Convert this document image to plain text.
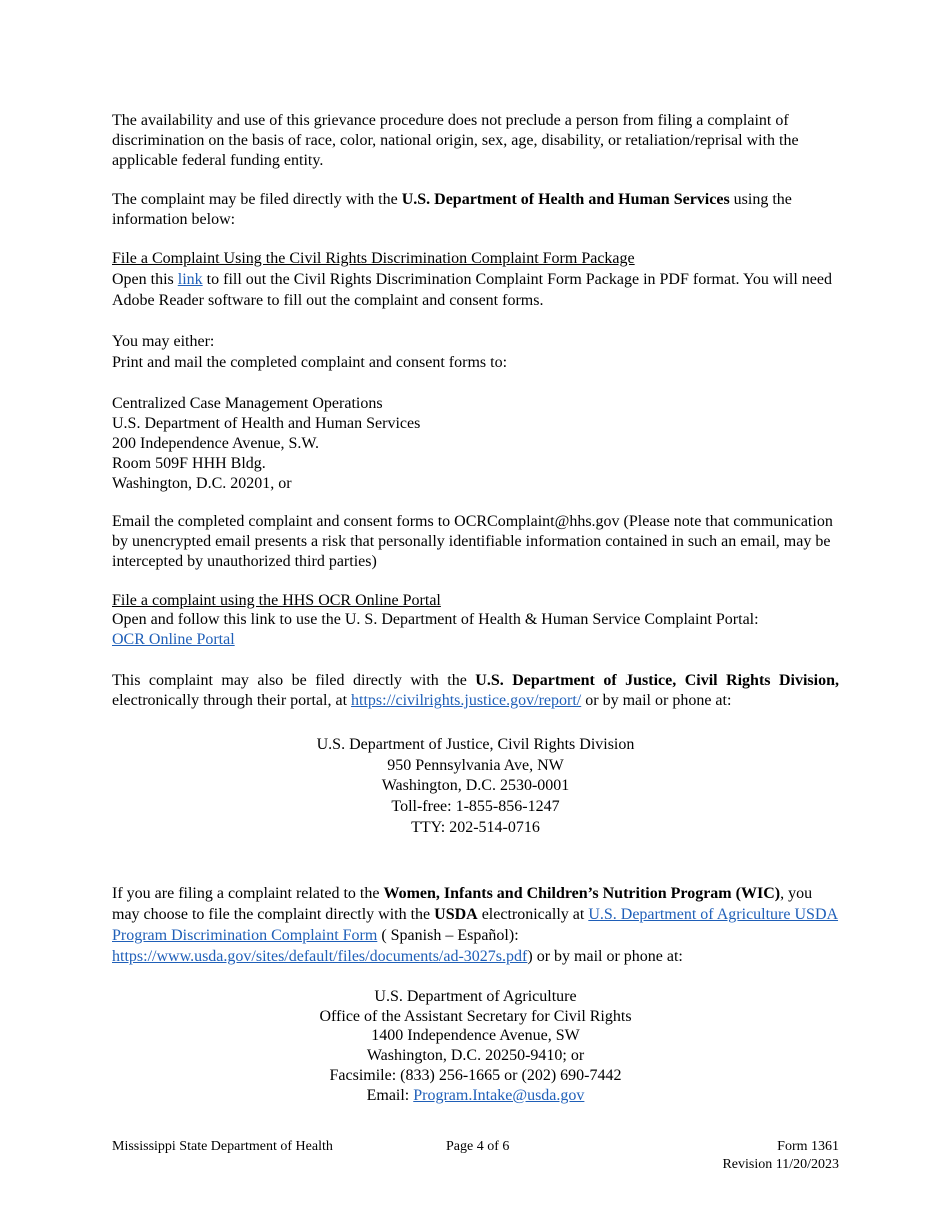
The availability and use of this grievance procedure does not preclude a person from filing a complaint of discrimination on the basis of race, color, national origin, sex, age, disability, or retaliation/reprisal with the applicable federal funding entity.

The complaint may be filed directly with the U.S. Department of Health and Human Services using the information below:

File a Complaint Using the Civil Rights Discrimination Complaint Form Package

Open this link to fill out the Civil Rights Discrimination Complaint Form Package in PDF format. You will need Adobe Reader software to fill out the complaint and consent forms.

You may either:

Print and mail the completed complaint and consent forms to:

Centralized Case Management Operations
U.S. Department of Health and Human Services
200 Independence Avenue, S.W.
Room 509F HHH Bldg.
Washington, D.C. 20201, or

Email the completed complaint and consent forms to OCRComplaint@hhs.gov (Please note that communication by unencrypted email presents a risk that personally identifiable information contained in such an email, may be intercepted by unauthorized third parties)

File a complaint using the HHS OCR Online Portal

Open and follow this link to use the U. S. Department of Health & Human Service Complaint Portal:

OCR Online Portal

This complaint may also be filed directly with the U.S. Department of Justice, Civil Rights Division, electronically through their portal, at https://civilrights.justice.gov/report/ or by mail or phone at:

U.S. Department of Justice, Civil Rights Division
950 Pennsylvania Ave, NW
Washington, D.C. 2530-0001
Toll-free: 1-855-856-1247
TTY: 202-514-0716

If you are filing a complaint related to the Women, Infants and Children’s Nutrition Program (WIC), you may choose to file the complaint directly with the USDA electronically at U.S. Department of Agriculture USDA Program Discrimination Complaint Form ( Spanish – Español): https://www.usda.gov/sites/default/files/documents/ad-3027s.pdf) or by mail or phone at:

U.S. Department of Agriculture
Office of the Assistant Secretary for Civil Rights
1400 Independence Avenue, SW
Washington, D.C. 20250-9410; or
Facsimile: (833) 256-1665 or (202) 690-7442
Email: Program.Intake@usda.gov
Mississippi State Department of Health	Page 4 of 6	Form 1361
Revision 11/20/2023
